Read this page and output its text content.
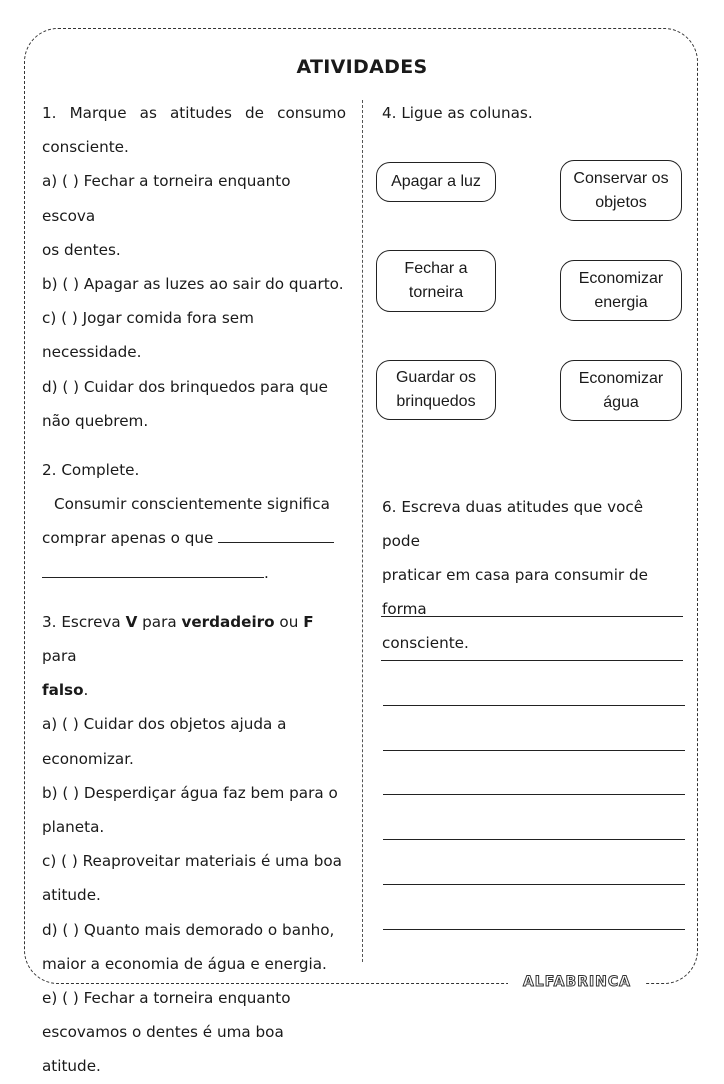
ATIVIDADES

1. Marque as atitudes de consumo

consciente.

a) ( ) Fechar a torneira enquanto escova

os dentes.

b) ( ) Apagar as luzes ao sair do quarto.

c) ( ) Jogar comida fora sem

necessidade.

d) ( ) Cuidar dos brinquedos para que

não quebrem.

2. Complete.

Consumir conscientemente significa

comprar apenas o que

.

3. Escreva V para verdadeiro ou F para

falso.

a) ( ) Cuidar dos objetos ajuda a

economizar.

b) ( ) Desperdiçar água faz bem para o

planeta.

c) ( ) Reaproveitar materiais é uma boa

atitude.

d) ( ) Quanto mais demorado o banho,

maior a economia de água e energia.

e) ( ) Fechar a torneira enquanto

escovamos o dentes é uma boa atitude.

4. Ligue as colunas.
Apagar a luz
Fechar a torneira
Guardar os brinquedos
Conservar os objetos
Economizar energia
Economizar água

6. Escreva duas atitudes que você pode

praticar em casa para consumir de forma

consciente.

ALFABRINCA
